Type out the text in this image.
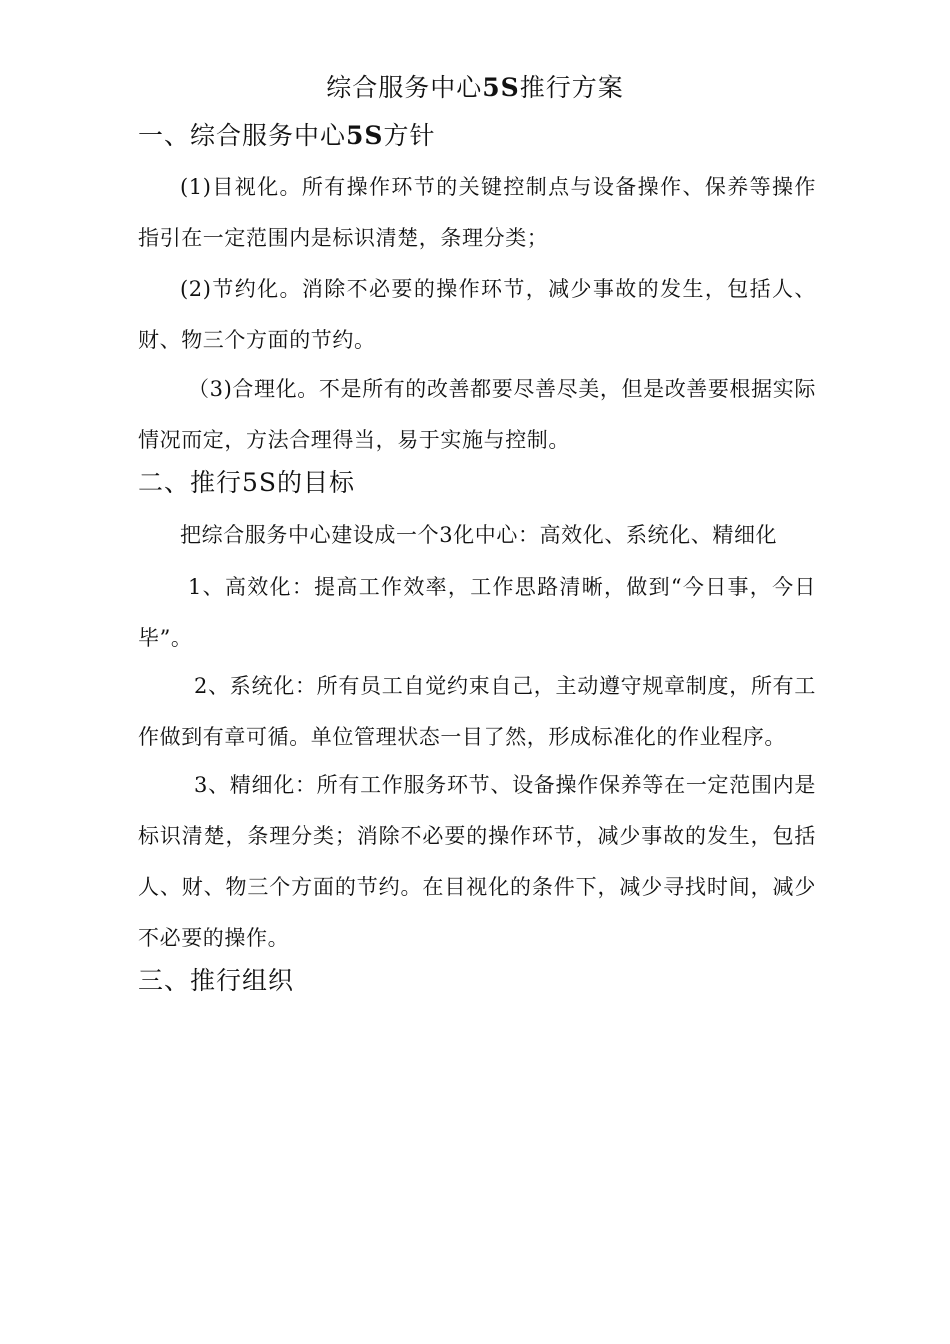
综合服务中心5S推行方案
一、综合服务中心5S方针

(1)目视化。所有操作环节的关键控制点与设备操作、保养等操作指引在一定范围内是标识清楚，条理分类；

(2)节约化。消除不必要的操作环节，减少事故的发生，包括人、财、物三个方面的节约。

（3)合理化。不是所有的改善都要尽善尽美，但是改善要根据实际情况而定，方法合理得当，易于实施与控制。

二、推行5S的目标

把综合服务中心建设成一个3化中心：高效化、系统化、精细化

1、高效化：提高工作效率，工作思路清晰，做到“今日事，今日毕”。

2、系统化：所有员工自觉约束自己，主动遵守规章制度，所有工作做到有章可循。单位管理状态一目了然，形成标准化的作业程序。

3、精细化：所有工作服务环节、设备操作保养等在一定范围内是标识清楚，条理分类；消除不必要的操作环节，减少事故的发生，包括人、财、物三个方面的节约。在目视化的条件下，减少寻找时间，减少不必要的操作。

三、推行组织
